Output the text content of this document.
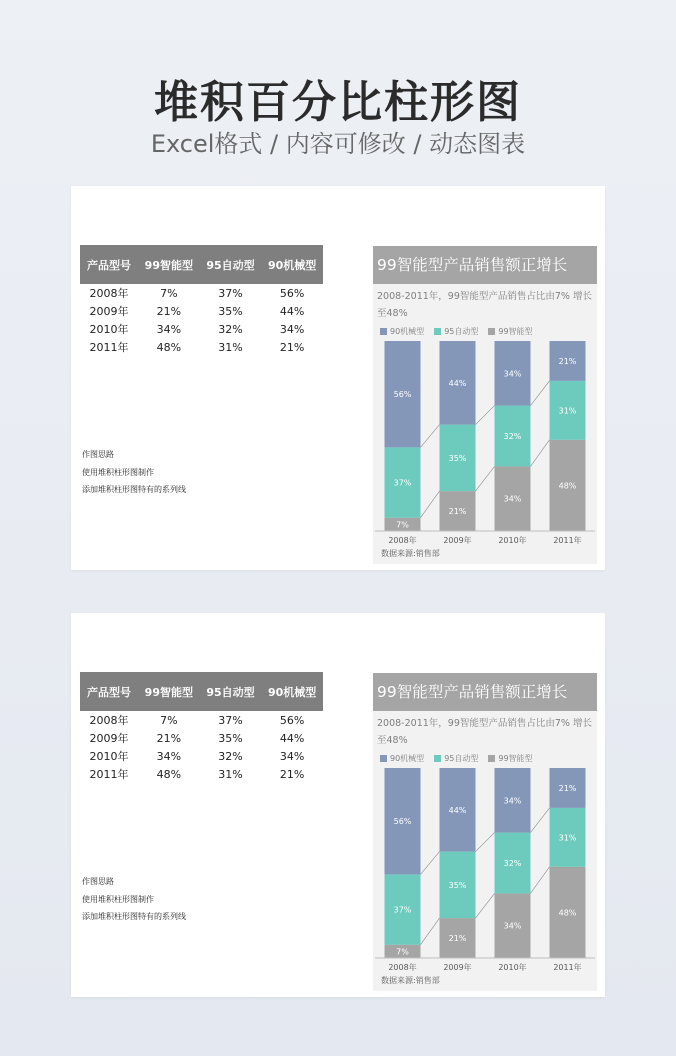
堆积百分比柱形图
Excel格式 / 内容可修改 / 动态图表
产品型号	99智能型	95自动型	90机械型
2008年	7%	37%	56%
2009年	21%	35%	44%
2010年	34%	32%	34%
2011年	48%	31%	21%
作图思路
使用堆积柱形图制作
添加堆积柱形图特有的系列线
7%
37%
56%
2008年
21%
35%
44%
2009年
34%
32%
34%
2010年
48%
31%
21%
2011年
99智能型产品销售额正增长
2008-2011年，99智能型产品销售占比由7% 增长至48%
90机械型	95自动型	99智能型
数据来源:销售部
产品型号	99智能型	95自动型	90机械型
2008年	7%	37%	56%
2009年	21%	35%	44%
2010年	34%	32%	34%
2011年	48%	31%	21%
作图思路
使用堆积柱形图制作
添加堆积柱形图特有的系列线
7%
37%
56%
2008年
21%
35%
44%
2009年
34%
32%
34%
2010年
48%
31%
21%
2011年
99智能型产品销售额正增长
2008-2011年，99智能型产品销售占比由7% 增长至48%
90机械型	95自动型	99智能型
数据来源:销售部
